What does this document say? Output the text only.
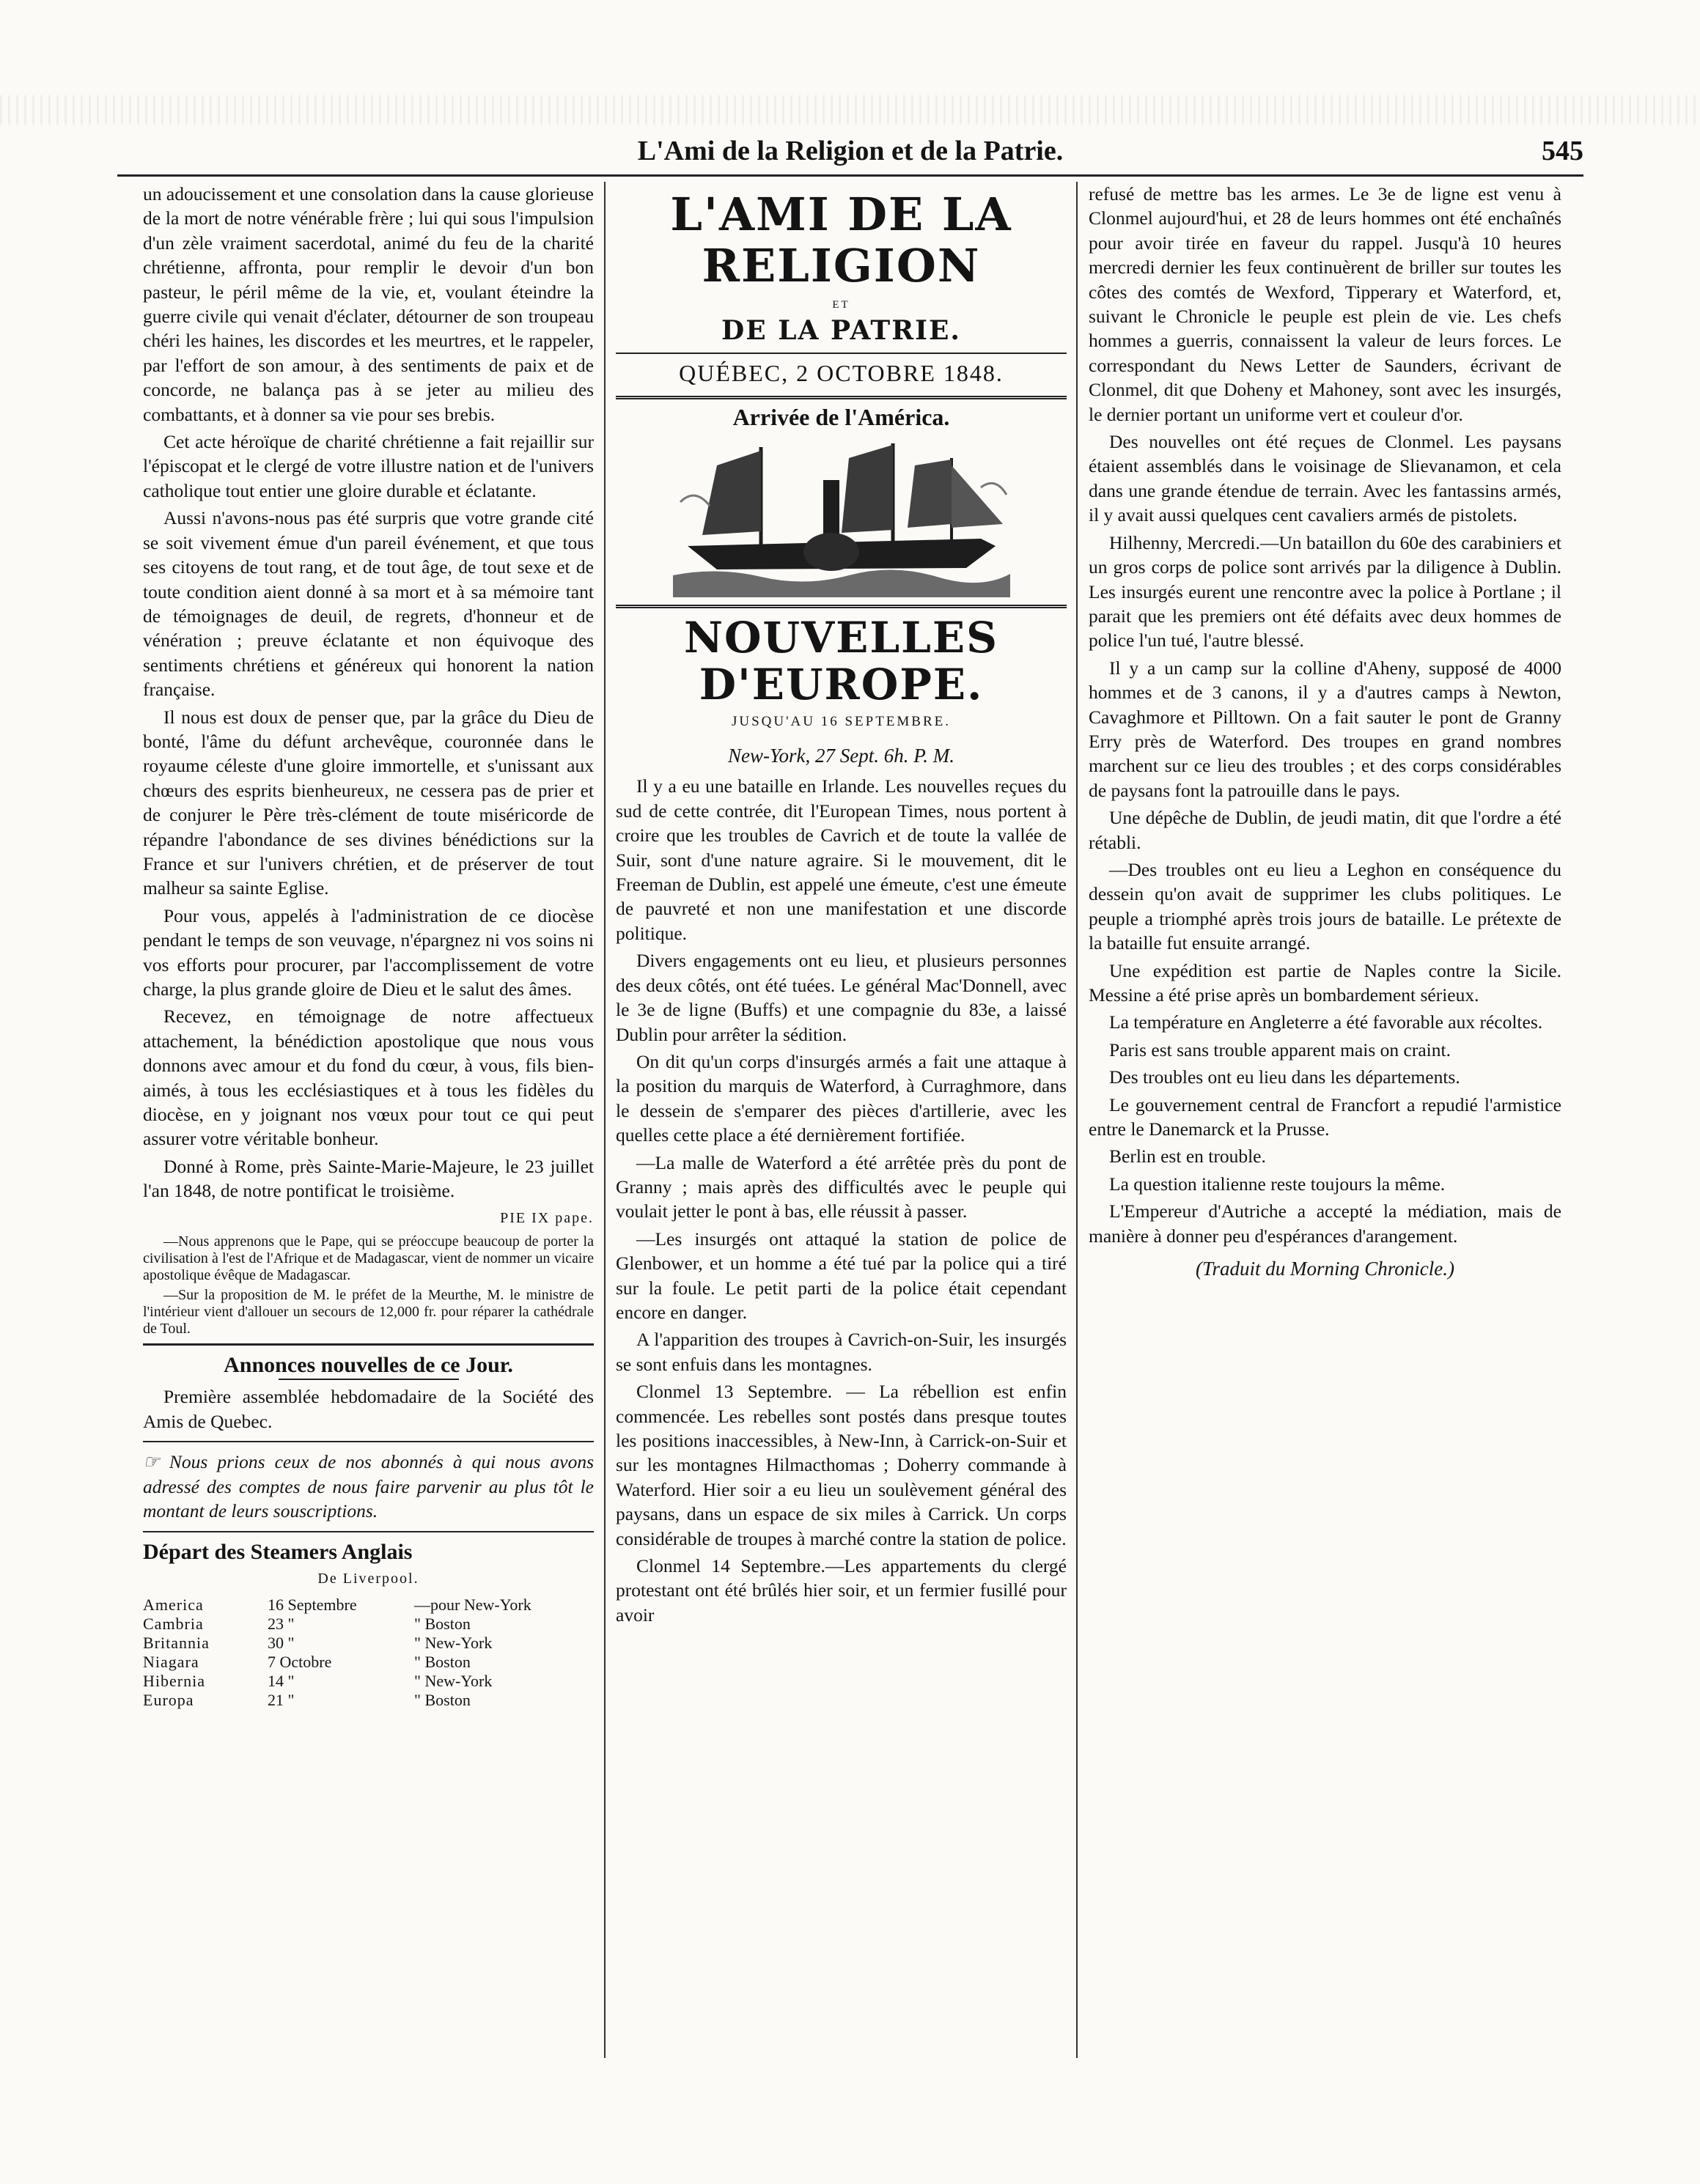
L'Ami de la Religion et de la Patrie.	545

un adoucissement et une consolation dans la cause glorieuse de la mort de notre vénérable frère ; lui qui sous l'impulsion d'un zèle vraiment sacerdotal, animé du feu de la charité chrétienne, affronta, pour remplir le devoir d'un bon pasteur, le péril même de la vie, et, voulant éteindre la guerre civile qui venait d'éclater, détourner de son troupeau chéri les haines, les discordes et les meurtres, et le rappeler, par l'effort de son amour, à des sentiments de paix et de concorde, ne balança pas à se jeter au milieu des combattants, et à donner sa vie pour ses brebis.

Cet acte héroïque de charité chrétienne a fait rejaillir sur l'épiscopat et le clergé de votre illustre nation et de l'univers catholique tout entier une gloire durable et éclatante.

Aussi n'avons-nous pas été surpris que votre grande cité se soit vivement émue d'un pareil événement, et que tous ses citoyens de tout rang, et de tout âge, de tout sexe et de toute condition aient donné à sa mort et à sa mémoire tant de témoignages de deuil, de regrets, d'honneur et de vénération ; preuve éclatante et non équivoque des sentiments chrétiens et généreux qui honorent la nation française.

Il nous est doux de penser que, par la grâce du Dieu de bonté, l'âme du défunt archevêque, couronnée dans le royaume céleste d'une gloire immortelle, et s'unissant aux chœurs des esprits bienheureux, ne cessera pas de prier et de conjurer le Père très-clément de toute miséricorde de répandre l'abondance de ses divines bénédictions sur la France et sur l'univers chrétien, et de préserver de tout malheur sa sainte Eglise.

Pour vous, appelés à l'administration de ce diocèse pendant le temps de son veuvage, n'épargnez ni vos soins ni vos efforts pour procurer, par l'accomplissement de votre charge, la plus grande gloire de Dieu et le salut des âmes.

Recevez, en témoignage de notre affectueux attachement, la bénédiction apostolique que nous vous donnons avec amour et du fond du cœur, à vous, fils bien-aimés, à tous les ecclésiastiques et à tous les fidèles du diocèse, en y joignant nos vœux pour tout ce qui peut assurer votre véritable bonheur.

Donné à Rome, près Sainte-Marie-Majeure, le 23 juillet l'an 1848, de notre pontificat le troisième.

PIE IX pape.

—Nous apprenons que le Pape, qui se préoccupe beaucoup de porter la civilisation à l'est de l'Afrique et de Madagascar, vient de nommer un vicaire apostolique évêque de Madagascar.

—Sur la proposition de M. le préfet de la Meurthe, M. le ministre de l'intérieur vient d'allouer un secours de 12,000 fr. pour réparer la cathédrale de Toul.

Annonces nouvelles de ce Jour.

Première assemblée hebdomadaire de la Société des Amis de Quebec.

☞ Nous prions ceux de nos abonnés à qui nous avons adressé des comptes de nous faire parvenir au plus tôt le montant de leurs souscriptions.

Départ des Steamers Anglais
De Liverpool.
America	16 Septembre	—pour New-York
Cambria	23 "	" Boston
Britannia	30 "	" New-York
Niagara	7 Octobre	" Boston
Hibernia	14 "	" New-York
Europa	21 "	" Boston
L'AMI DE LA RELIGION
ET
DE LA PATRIE.
QUÉBEC, 2 OCTOBRE 1848.
Arrivée de l'América.
NOUVELLES D'EUROPE.
JUSQU'AU 16 SEPTEMBRE.
New-York, 27 Sept. 6h. P. M.

Il y a eu une bataille en Irlande. Les nouvelles reçues du sud de cette contrée, dit l'European Times, nous portent à croire que les troubles de Cavrich et de toute la vallée de Suir, sont d'une nature agraire. Si le mouvement, dit le Freeman de Dublin, est appelé une émeute, c'est une émeute de pauvreté et non une manifestation et une discorde politique.

Divers engagements ont eu lieu, et plusieurs personnes des deux côtés, ont été tuées. Le général Mac'Donnell, avec le 3e de ligne (Buffs) et une compagnie du 83e, a laissé Dublin pour arrêter la sédition.

On dit qu'un corps d'insurgés armés a fait une attaque à la position du marquis de Waterford, à Curraghmore, dans le dessein de s'emparer des pièces d'artillerie, avec les quelles cette place a été dernièrement fortifiée.

—La malle de Waterford a été arrêtée près du pont de Granny ; mais après des difficultés avec le peuple qui voulait jetter le pont à bas, elle réussit à passer.

—Les insurgés ont attaqué la station de police de Glenbower, et un homme a été tué par la police qui a tiré sur la foule. Le petit parti de la police était cependant encore en danger.

A l'apparition des troupes à Cavrich-on-Suir, les insurgés se sont enfuis dans les montagnes.

Clonmel 13 Septembre. — La rébellion est enfin commencée. Les rebelles sont postés dans presque toutes les positions inaccessibles, à New-Inn, à Carrick-on-Suir et sur les montagnes Hilmacthomas ; Doherry commande à Waterford. Hier soir a eu lieu un soulèvement général des paysans, dans un espace de six miles à Carrick. Un corps considérable de troupes à marché contre la station de police.

Clonmel 14 Septembre.—Les appartements du clergé protestant ont été brûlés hier soir, et un fermier fusillé pour avoir

refusé de mettre bas les armes. Le 3e de ligne est venu à Clonmel aujourd'hui, et 28 de leurs hommes ont été enchaînés pour avoir tirée en faveur du rappel. Jusqu'à 10 heures mercredi dernier les feux continuèrent de briller sur toutes les côtes des comtés de Wexford, Tipperary et Waterford, et, suivant le Chronicle le peuple est plein de vie. Les chefs hommes a guerris, connaissent la valeur de leurs forces. Le correspondant du News Letter de Saunders, écrivant de Clonmel, dit que Doheny et Mahoney, sont avec les insurgés, le dernier portant un uniforme vert et couleur d'or.

Des nouvelles ont été reçues de Clonmel. Les paysans étaient assemblés dans le voisinage de Slievanamon, et cela dans une grande étendue de terrain. Avec les fantassins armés, il y avait aussi quelques cent cavaliers armés de pistolets.

Hilhenny, Mercredi.—Un bataillon du 60e des carabiniers et un gros corps de police sont arrivés par la diligence à Dublin. Les insurgés eurent une rencontre avec la police à Portlane ; il parait que les premiers ont été défaits avec deux hommes de police l'un tué, l'autre blessé.

Il y a un camp sur la colline d'Aheny, supposé de 4000 hommes et de 3 canons, il y a d'autres camps à Newton, Cavaghmore et Pilltown. On a fait sauter le pont de Granny Erry près de Waterford. Des troupes en grand nombres marchent sur ce lieu des troubles ; et des corps considérables de paysans font la patrouille dans le pays.

Une dépêche de Dublin, de jeudi matin, dit que l'ordre a été rétabli.

—Des troubles ont eu lieu a Leghon en conséquence du dessein qu'on avait de supprimer les clubs politiques. Le peuple a triomphé après trois jours de bataille. Le prétexte de la bataille fut ensuite arrangé.

Une expédition est partie de Naples contre la Sicile. Messine a été prise après un bombardement sérieux.

La température en Angleterre a été favorable aux récoltes.

Paris est sans trouble apparent mais on craint.

Des troubles ont eu lieu dans les départements.

Le gouvernement central de Francfort a repudié l'armistice entre le Danemarck et la Prusse.

Berlin est en trouble.

La question italienne reste toujours la même.

L'Empereur d'Autriche a accepté la médiation, mais de manière à donner peu d'espérances d'arangement.

(Traduit du Morning Chronicle.)
